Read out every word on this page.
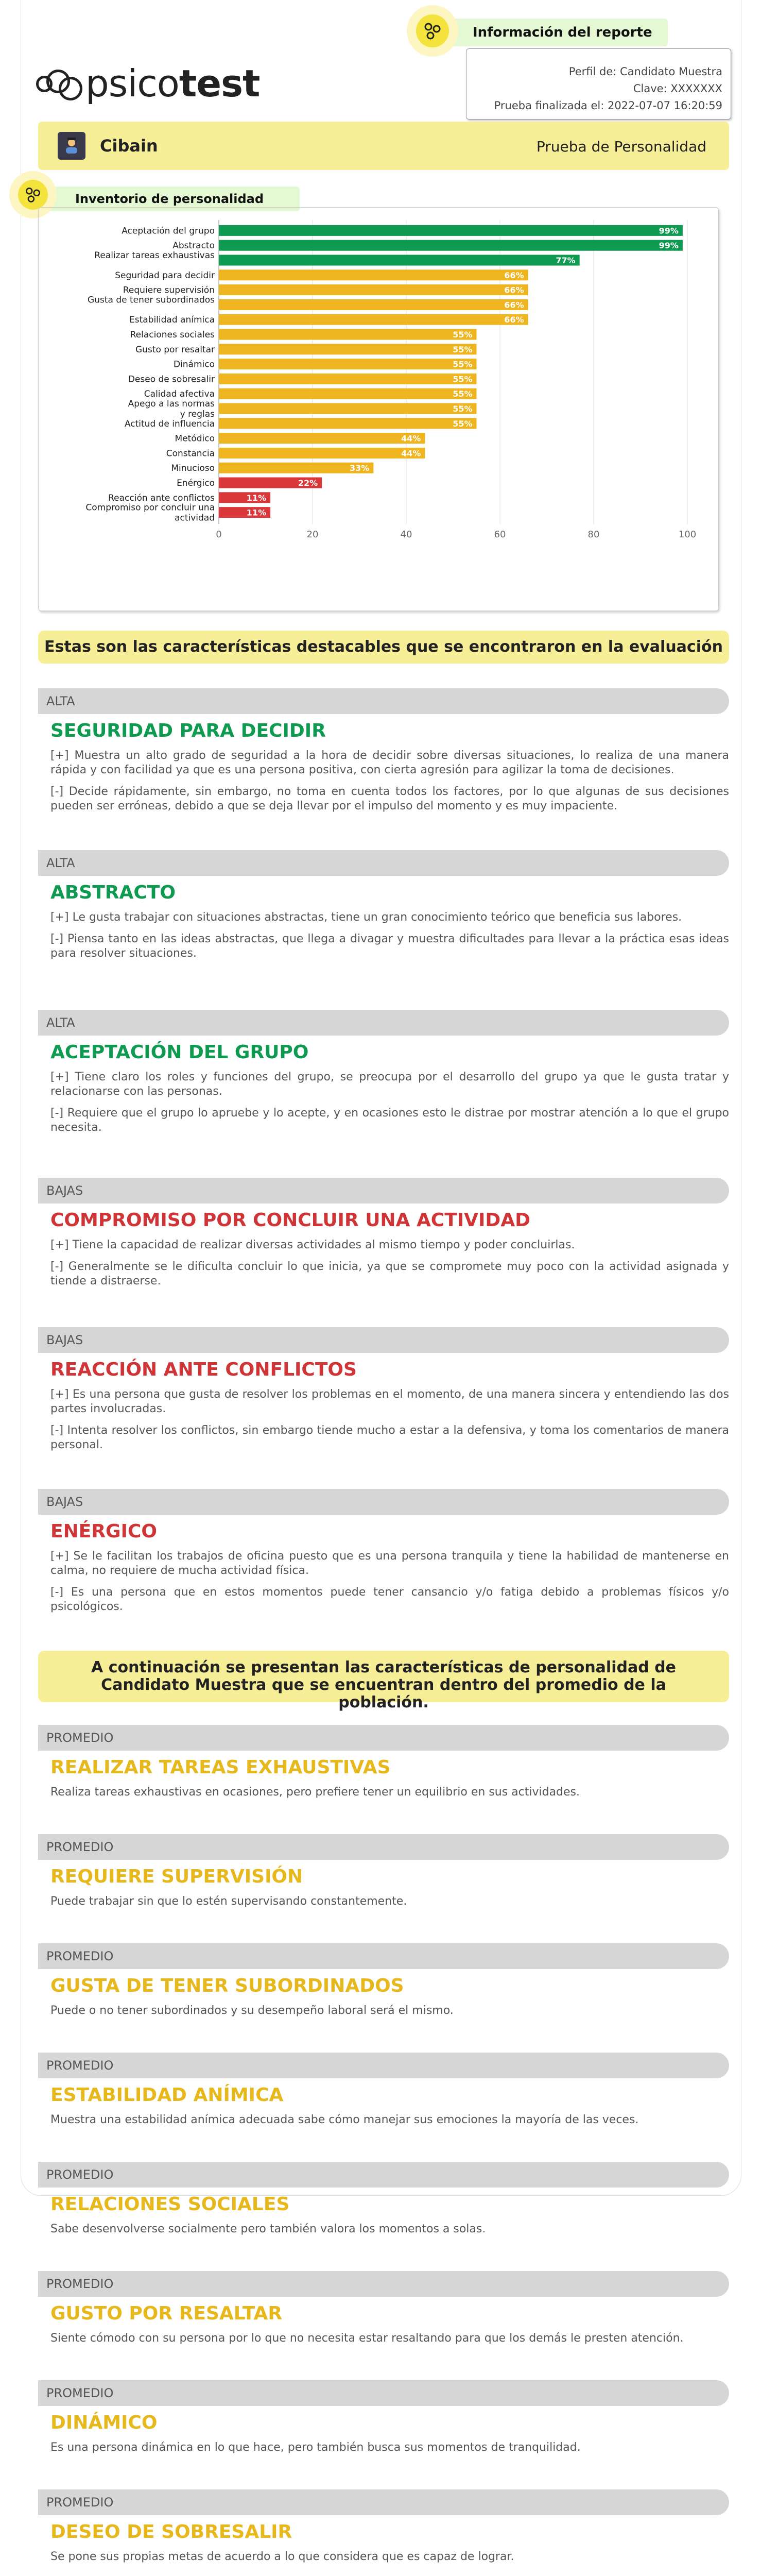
Información del reporte
psicotest	Perfil de: Candidato Muestra
Clave: XXXXXXX
Prueba finalizada el: 2022-07-07 16:20:59
Cibain	Prueba de Personalidad
Inventorio de personalidad
0	20	40	60	80	100
Aceptación del grupo	99%
Abstracto	99%
Realizar tareas exhaustivas	77%
Seguridad para decidir	66%
Requiere supervisión	66%
Gusta de tener subordinados	66%
Estabilidad anímica	66%
Relaciones sociales	55%
Gusto por resaltar	55%
Dinámico	55%
Deseo de sobresalir	55%
Calidad afectiva	55%
Apego a las normas
y reglas
55%
Actitud de influencia	55%
Metódico	44%
Constancia	44%
Minucioso	33%
Enérgico	22%
Reacción ante conflictos	11%
Compromiso por concluir una
actividad
11%
Estas son las características destacables que se encontraron en la evaluación
ALTA
SEGURIDAD PARA DECIDIR
[+] Muestra un alto grado de seguridad a la hora de decidir sobre diversas situaciones, lo realiza de una manera rápida y con facilidad ya que es una persona positiva, con cierta agresión para agilizar la toma de decisiones.
[-] Decide rápidamente, sin embargo, no toma en cuenta todos los factores, por lo que algunas de sus decisiones pueden ser erróneas, debido a que se deja llevar por el impulso del momento y es muy impaciente.
ALTA
ABSTRACTO
[+] Le gusta trabajar con situaciones abstractas, tiene un gran conocimiento teórico que beneficia sus labores.
[-] Piensa tanto en las ideas abstractas, que llega a divagar y muestra dificultades para llevar a la práctica esas ideas para resolver situaciones.
ALTA
ACEPTACIÓN DEL GRUPO
[+] Tiene claro los roles y funciones del grupo, se preocupa por el desarrollo del grupo ya que le gusta tratar y relacionarse con las personas.
[-] Requiere que el grupo lo apruebe y lo acepte, y en ocasiones esto le distrae por mostrar atención a lo que el grupo necesita.
BAJAS
COMPROMISO POR CONCLUIR UNA ACTIVIDAD
[+] Tiene la capacidad de realizar diversas actividades al mismo tiempo y poder concluirlas.
[-] Generalmente se le dificulta concluir lo que inicia, ya que se compromete muy poco con la actividad asignada y tiende a distraerse.
BAJAS
REACCIÓN ANTE CONFLICTOS
[+] Es una persona que gusta de resolver los problemas en el momento, de una manera sincera y entendiendo las dos partes involucradas.
[-] Intenta resolver los conflictos, sin embargo tiende mucho a estar a la defensiva, y toma los comentarios de manera personal.
BAJAS
ENÉRGICO
[+] Se le facilitan los trabajos de oficina puesto que es una persona tranquila y tiene la habilidad de mantenerse en calma, no requiere de mucha actividad física.
[-] Es una persona que en estos momentos puede tener cansancio y/o fatiga debido a problemas físicos y/o psicológicos.
A continuación se presentan las características de personalidad de Candidato Muestra que se encuentran dentro del promedio de la población.
PROMEDIO
REALIZAR TAREAS EXHAUSTIVAS
Realiza tareas exhaustivas en ocasiones, pero prefiere tener un equilibrio en sus actividades.
PROMEDIO
REQUIERE SUPERVISIÓN
Puede trabajar sin que lo estén supervisando constantemente.
PROMEDIO
GUSTA DE TENER SUBORDINADOS
Puede o no tener subordinados y su desempeño laboral será el mismo.
PROMEDIO
ESTABILIDAD ANÍMICA
Muestra una estabilidad anímica adecuada sabe cómo manejar sus emociones la mayoría de las veces.
PROMEDIO
RELACIONES SOCIALES
Sabe desenvolverse socialmente pero también valora los momentos a solas.
PROMEDIO
GUSTO POR RESALTAR
Siente cómodo con su persona por lo que no necesita estar resaltando para que los demás le presten atención.
PROMEDIO
DINÁMICO
Es una persona dinámica en lo que hace, pero también busca sus momentos de tranquilidad.
PROMEDIO
DESEO DE SOBRESALIR
Se pone sus propias metas de acuerdo a lo que considera que es capaz de lograr.
